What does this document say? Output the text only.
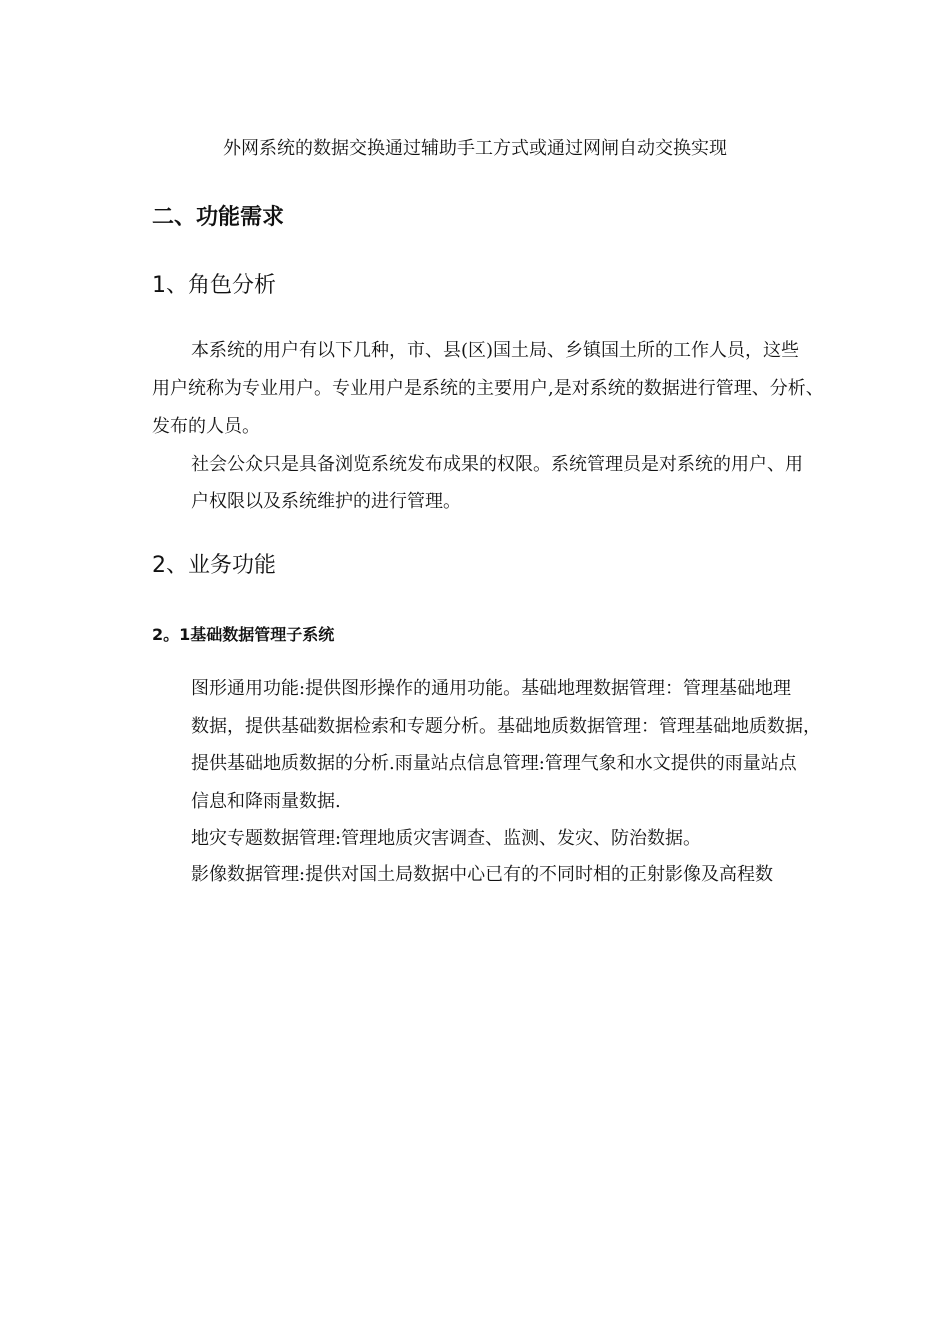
外网系统的数据交换通过辅助手工方式或通过网闸自动交换实现

二、功能需求

1、角色分析

本系统的用户有以下几种，市、县(区)国土局、乡镇国土所的工作人员，这些

用户统称为专业用户。专业用户是系统的主要用户,是对系统的数据进行管理、分析、

发布的人员。

社会公众只是具备浏览系统发布成果的权限。系统管理员是对系统的用户、用

户权限以及系统维护的进行管理。

2、业务功能

2。1基础数据管理子系统

图形通用功能:提供图形操作的通用功能。基础地理数据管理：管理基础地理

数据，提供基础数据检索和专题分析。基础地质数据管理：管理基础地质数据，

提供基础地质数据的分析.雨量站点信息管理:管理气象和水文提供的雨量站点

信息和降雨量数据.

地灾专题数据管理:管理地质灾害调查、监测、发灾、防治数据。

影像数据管理:提供对国土局数据中心已有的不同时相的正射影像及高程数
